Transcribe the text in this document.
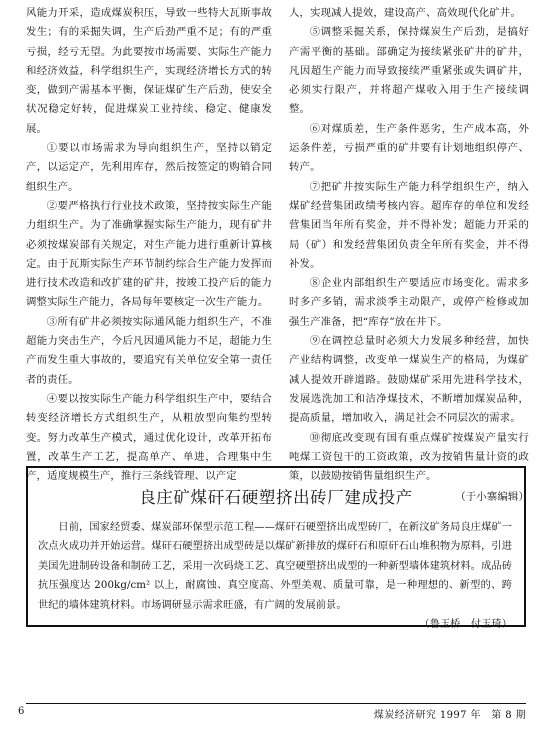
风能力开采，造成煤炭积压，导致一些特大瓦斯事故发生；有的采掘失调，生产后劲严重不足；有的严重亏损，经亏无望。为此要按市场需要、实际生产能力和经济效益，科学组织生产，实现经济增长方式的转变，做到产需基本平衡，保证煤矿生产后劲，使安全状况稳定好转，促进煤炭工业持续、稳定、健康发展。

①要以市场需求为导向组织生产，坚持以销定产，以运定产，先利用库存，然后按签定的购销合同组织生产。

②要严格执行行业技术政策，坚持按实际生产能力组织生产。为了准确掌握实际生产能力，现有矿井必须按煤炭部有关规定，对生产能力进行重新计算核定。由于瓦斯实际生产环节制约综合生产能力发挥而进行技术改造和改扩建的矿井，按竣工投产后的能力调整实际生产能力，各局每年要核定一次生产能力。

③所有矿井必须按实际通风能力组织生产，不准超能力突击生产，今后凡因通风能力不足，超能力生产而发生重大事故的，要追究有关单位安全第一责任者的责任。

④要以按实际生产能力科学组织生产中，要结合转变经济增长方式组织生产，从粗放型向集约型转变。努力改革生产模式，通过优化设计，改革开拓布置，改革生产工艺，提高单产、单进，合理集中生产，适度规模生产，推行三条线管理、以产定

人，实现减人提效，建设高产、高效现代化矿井。

⑤调整采掘关系，保持煤炭生产后劲，是搞好产需平衡的基础。部确定为接续紧张矿井的矿井，凡因超生产能力而导致接续严重紧张或失调矿井，必须实行限产，并将超产煤收入用于生产接续调整。

⑥对煤质差，生产条件恶劣，生产成本高，外运条件差，亏损严重的矿井要有计划地组织停产、转产。

⑦把矿井按实际生产能力科学组织生产，纳入煤矿经营集团政绩考核内容。超库存的单位和发经营集团当年所有奖金，并不得补发；超能力开采的局（矿）和发经营集团负责全年所有奖金，并不得补发。

⑧企业内部组织生产要适应市场变化。需求多时多产多销，需求淡季主动限产，或停产检修或加强生产准备，把“库存”放在井下。

⑨在调控总量时必须大力发展多种经营，加快产业结构调整，改变单一煤炭生产的格局，为煤矿减人提效开辟道路。鼓励煤矿采用先进科学技术，发展选洗加工和洁净煤技术，不断增加煤炭品种，提高质量，增加收入，满足社会不同层次的需求。

⑩彻底改变现有国有重点煤矿按煤炭产量实行吨煤工资包干的工资政策，改为按销售量计资的政策，以鼓励按销售量组织生产。

（于小寨编辑）

良庄矿煤矸石硬塑挤出砖厂建成投产

日前，国家经贸委、煤炭部环保型示范工程——煤矸石硬塑挤出成型砖厂，在新汶矿务局良庄煤矿一次点火成功并开始运营。煤矸石硬塑挤出成型砖是以煤矿新排放的煤矸石和原矸石山堆积物为原料，引进美国先进制砖设备和制砖工艺，采用一次码烧工艺、真空硬塑挤出成型的一种新型墙体建筑材料。成品砖抗压强度达 200kg/cm² 以上，耐腐蚀、真空度高、外型美观、质量可靠，是一种理想的、新型的、跨世纪的墙体建筑材料。市场调研显示需求旺盛，有广阔的发展前景。

（鲁玉桥　付玉琦）
6	煤炭经济研究 1997 年　第 8 期
